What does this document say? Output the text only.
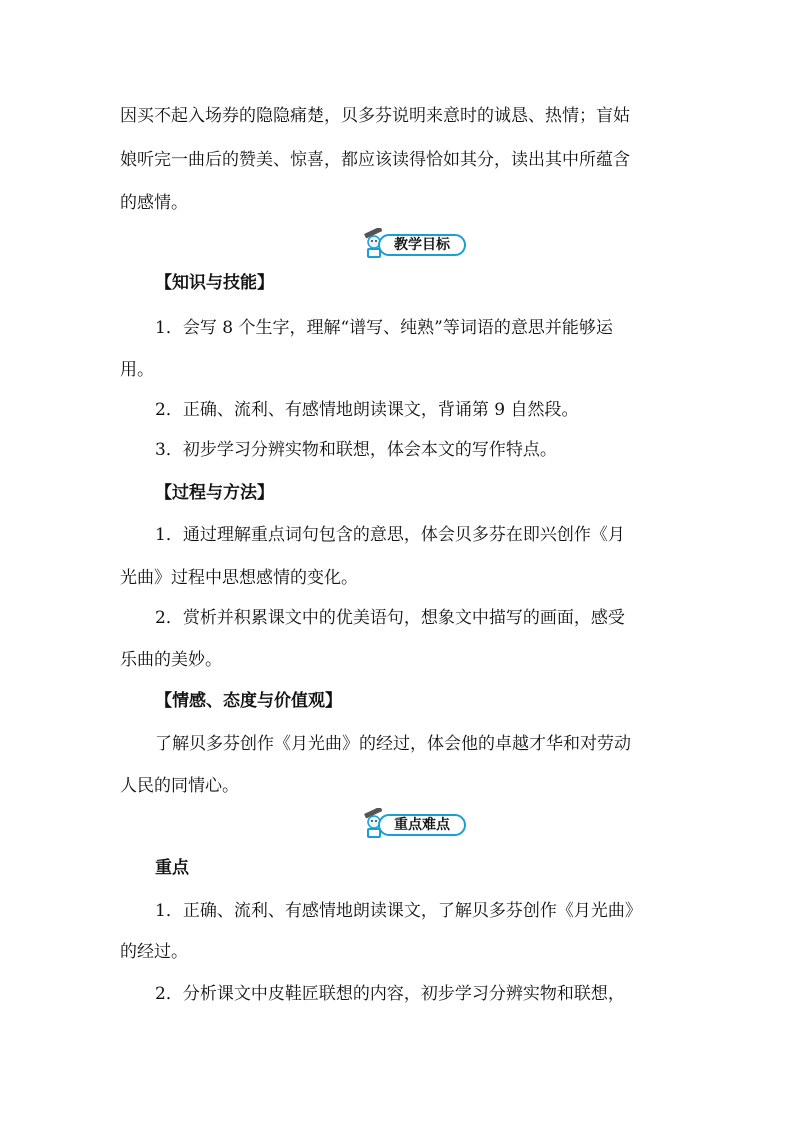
因买不起入场券的隐隐痛楚，贝多芬说明来意时的诚恳、热情；盲姑
娘听完一曲后的赞美、惊喜，都应该读得恰如其分，读出其中所蕴含
的感情。
教学目标
【知识与技能】
1．会写 8 个生字，理解“谱写、纯熟”等词语的意思并能够运
用。
2．正确、流利、有感情地朗读课文，背诵第 9 自然段。
3．初步学习分辨实物和联想，体会本文的写作特点。
【过程与方法】
1．通过理解重点词句包含的意思，体会贝多芬在即兴创作《月
光曲》过程中思想感情的变化。
2．赏析并积累课文中的优美语句，想象文中描写的画面，感受
乐曲的美妙。
【情感、态度与价值观】
了解贝多芬创作《月光曲》的经过，体会他的卓越才华和对劳动
人民的同情心。
重点难点
重点
1．正确、流利、有感情地朗读课文，了解贝多芬创作《月光曲》
的经过。
2．分析课文中皮鞋匠联想的内容，初步学习分辨实物和联想，
